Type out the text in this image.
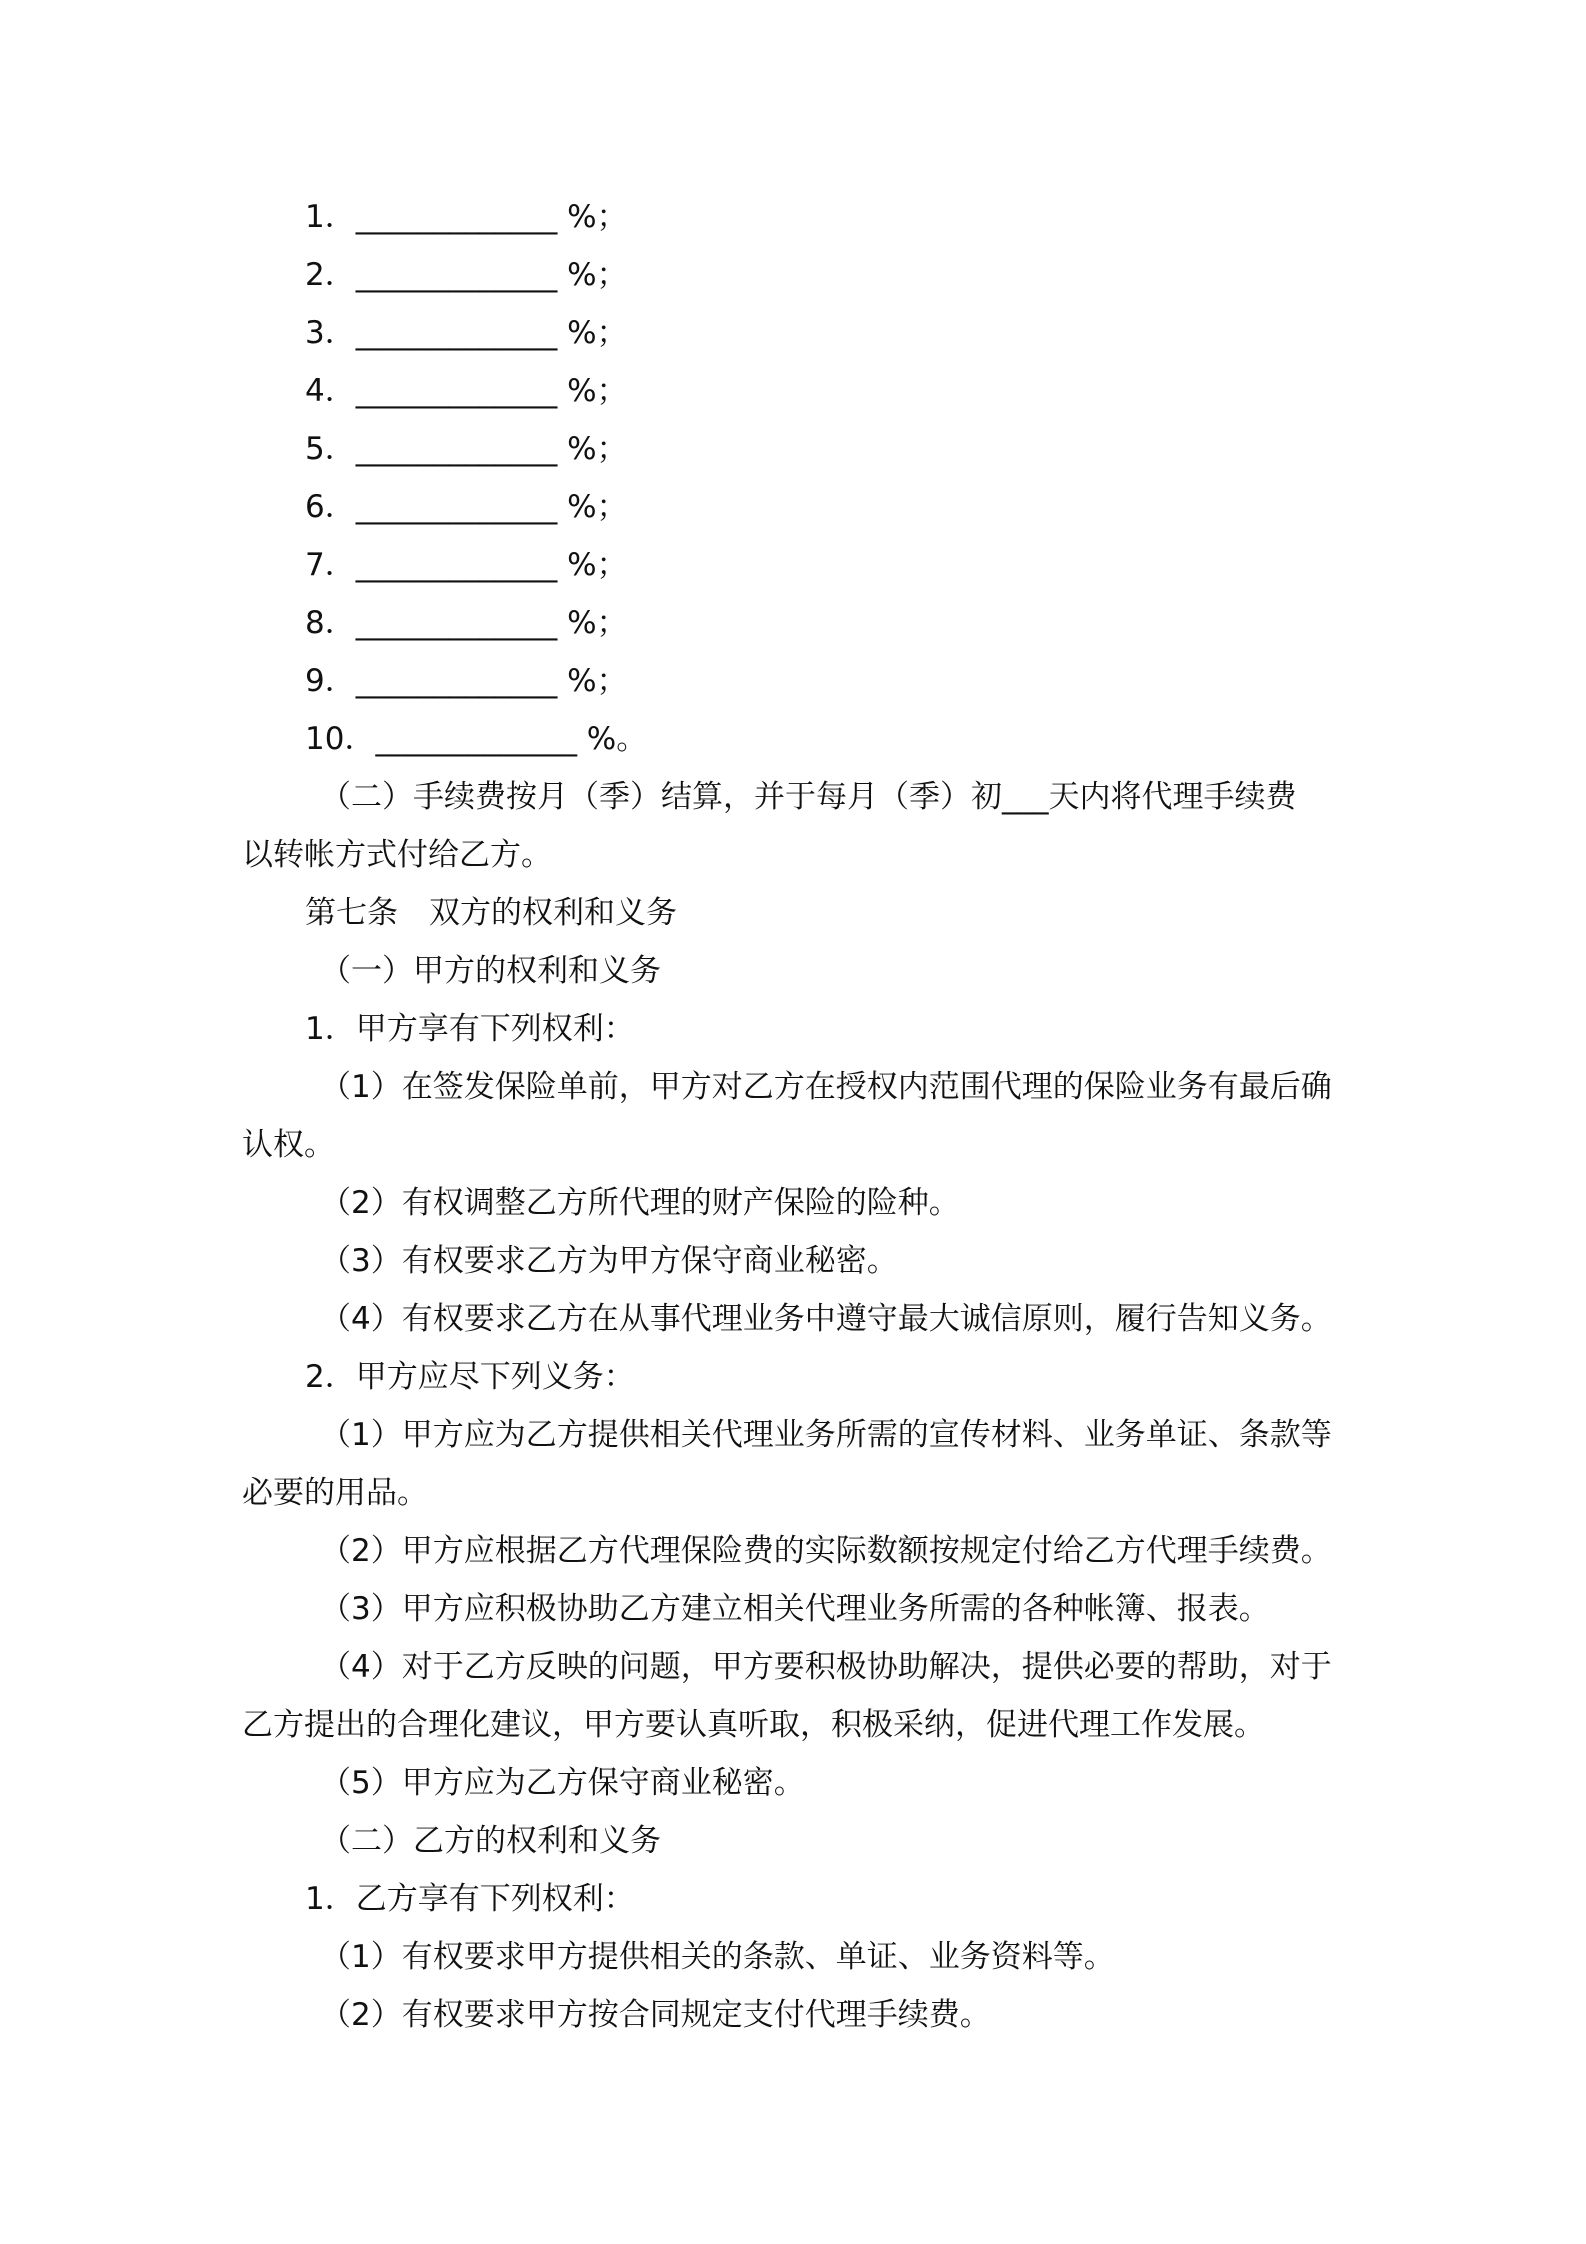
1．_____________ %；
2．_____________ %；
3．_____________ %；
4．_____________ %；
5．_____________ %；
6．_____________ %；
7．_____________ %；
8．_____________ %；
9．_____________ %；
10．_____________ %。
（二）手续费按月（季）结算，并于每月（季）初___天内将代理手续费
以转帐方式付给乙方。
第七条　双方的权利和义务
（一）甲方的权利和义务
1．甲方享有下列权利：
（1）在签发保险单前，甲方对乙方在授权内范围代理的保险业务有最后确
认权。
（2）有权调整乙方所代理的财产保险的险种。
（3）有权要求乙方为甲方保守商业秘密。
（4）有权要求乙方在从事代理业务中遵守最大诚信原则，履行告知义务。
2．甲方应尽下列义务：
（1）甲方应为乙方提供相关代理业务所需的宣传材料、业务单证、条款等
必要的用品。
（2）甲方应根据乙方代理保险费的实际数额按规定付给乙方代理手续费。
（3）甲方应积极协助乙方建立相关代理业务所需的各种帐簿、报表。
（4）对于乙方反映的问题，甲方要积极协助解决，提供必要的帮助，对于
乙方提出的合理化建议，甲方要认真听取，积极采纳，促进代理工作发展。
（5）甲方应为乙方保守商业秘密。
（二）乙方的权利和义务
1．乙方享有下列权利：
（1）有权要求甲方提供相关的条款、单证、业务资料等。
（2）有权要求甲方按合同规定支付代理手续费。
